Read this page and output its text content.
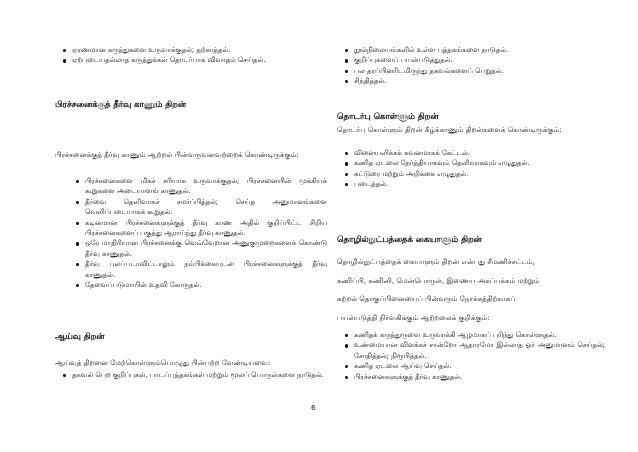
ஏரணமான கருத்துகளை உருவாக்குதல்; தற்காத்தல்.
ஏற்புடையதல்லாத கருத்துக்கள் தொடர்பாக விவாதம் செய்தல்.
பிரச்சனைக்குத் தீர்வு காணும் திறன்

பிரச்சனைக்குத் தீர்வு காணும் ஆற்றல் பின்வருவனவற்றைக் கொண்டிருக்கும்:

பிரச்சனைகளை மிகச் சரியாக உருவாக்குதல்; பிரச்சனையின் முக்கியக் கூறுகளை அடையாளங் காணுதல்.
தீர்வை தெளிவாகச் சமர்ப்பித்தல்; செய்த அனுமானங்களை வெளிப்படையாகக் கூறுதல்.
கடினமான பிரச்சனைகளுக்குத் தீர்வு காண அதில் குறிப்பிட்ட சிறிய பிரச்சனைகளைப் பகுத்து ஆராய்ந்து தீர்வு காணுதல்.
ஒரே மாதிரியான பிரச்சனைக்கு வெவ்வேறான அணுகுமுறைகளைக் கொண்டு தீர்வு காணுதல்.
தீர்வு புலப்படாவிட்டாலும் நம்பிக்கையுடன் பிரச்சனைகளுக்குத் தீர்வு காணுதல்.
தேவைப்படுமாயின் உதவி கோருதல்.
ஆய்வு திறன்

ஆய்வுத் திறனை மேற்கொள்ளும்பொழுது பின்பற்ற வேண்டியவை:

தகவல் பெற குறிப்புகள், பாடப்புத்தகங்கள் மற்றும் மூலப் பொருள்களை நாடுதல்.
நூல்நிலையங்களில் உள்ள புத்தகங்களை நாடுதல்.
குறிப்புகளைப் பயன்படுத்துதல்.
பல தரப்பினரிடமிருந்து தகவல்களைப் பெறுதல்.
சிந்தித்தல்.
தொடர்பு கொள்ளும் திறன்

தொடர்பு கொள்ளும் திறன் கீழ்க்காணும் திறன்களைக் கொண்டிருக்கும்:

வினையளிக்கக் கவனமாகக் கேட்டல்.
கணித ஏடலை நேர்த்தியாகவும் தெளிவாகவும் எழுதுதல்.
கட்டுரை மற்றும் அறிக்கை எழுதுதல்.
படைத்தல்.
தொழில்நுட்பத்தைக் கையாளும் திறன்

தொழில்நுட்பத்தைக் கையாளும் திறன் என்பது சீமணிச்சட்டம்,

கணிப்பி, கணினி, மென்பொருள், இணைய அகப்பக்கம் மற்றும்

கற்றல் தொகுப்பினையைப் பின்வரும் நோக்கத்திற்காகப்

பயன்படுத்தி நிர்வகிக்கும் ஆற்றலைக் குறிக்கும்:

கணிதக் கருத்துருவை உருவாக்கி ஆழமாகப் புரிந்து கொள்ளுதல்.
உண்மையான விளக்கச் சான்றோ ஆதாரமோ இல்லாத ஓர் அனுமானம் செய்தல்; சோதித்தல்; நிரூபித்தல்.
கணித ஏடலை ஆய்வு செய்தல்.
பிரச்சனைகளுக்குத் தீர்வு காணுதல்.
6
